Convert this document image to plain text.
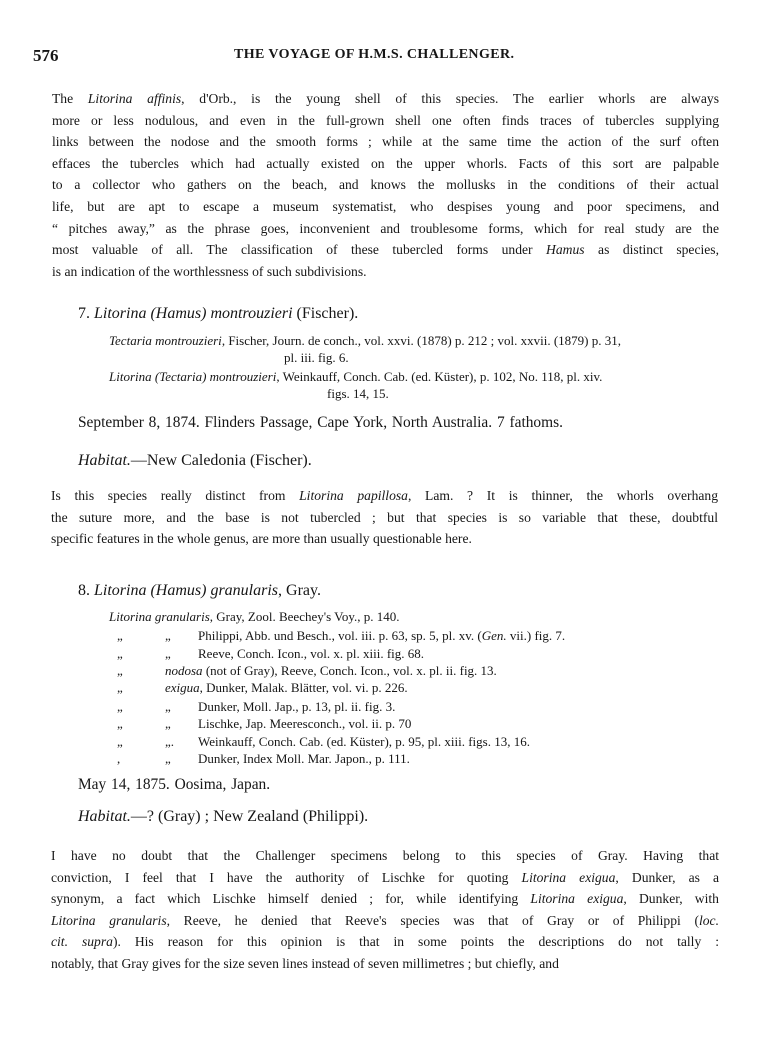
576	THE VOYAGE OF H.M.S. CHALLENGER.
The Litorina affinis, d'Orb., is the young shell of this species. The earlier whorls are always
more or less nodulous, and even in the full-grown shell one often finds traces of tubercles supplying
links between the nodose and the smooth forms ; while at the same time the action of the surf often
effaces the tubercles which had actually existed on the upper whorls. Facts of this sort are palpable
to a collector who gathers on the beach, and knows the mollusks in the conditions of their actual
life, but are apt to escape a museum systematist, who despises young and poor specimens, and
“ pitches away,” as the phrase goes, inconvenient and troublesome forms, which for real study are the
most valuable of all. The classification of these tubercled forms under Hamus as distinct species,
is an indication of the worthlessness of such subdivisions.
7. Litorina (Hamus) montrouzieri (Fischer).
Tectaria montrouzieri, Fischer, Journ. de conch., vol. xxvi. (1878) p. 212 ; vol. xxvii. (1879) p. 31,
pl. iii. fig. 6.
Litorina (Tectaria) montrouzieri, Weinkauff, Conch. Cab. (ed. Küster), p. 102, No. 118, pl. xiv.
figs. 14, 15.
September 8, 1874. Flinders Passage, Cape York, North Australia. 7 fathoms.
Habitat.—New Caledonia (Fischer).
Is this species really distinct from Litorina papillosa, Lam. ? It is thinner, the whorls overhang
the suture more, and the base is not tubercled ; but that species is so variable that these, doubtful
specific features in the whole genus, are more than usually questionable here.
8. Litorina (Hamus) granularis, Gray.
Litorina granularis, Gray, Zool. Beechey's Voy., p. 140.
„	„ Philippi, Abb. und Besch., vol. iii. p. 63, sp. 5, pl. xv. (Gen. vii.) fig. 7.
„	„ Reeve, Conch. Icon., vol. x. pl. xiii. fig. 68.
„	nodosa (not of Gray), Reeve, Conch. Icon., vol. x. pl. ii. fig. 13.
„	exigua, Dunker, Malak. Blätter, vol. vi. p. 226.
„	„ Dunker, Moll. Jap., p. 13, pl. ii. fig. 3.
„	„ Lischke, Jap. Meeresconch., vol. ii. p. 70
„	„. Weinkauff, Conch. Cab. (ed. Küster), p. 95, pl. xiii. figs. 13, 16.
,	„ Dunker, Index Moll. Mar. Japon., p. 111.
May 14, 1875. Oosima, Japan.
Habitat.—? (Gray) ; New Zealand (Philippi).
I have no doubt that the Challenger specimens belong to this species of Gray. Having that
conviction, I feel that I have the authority of Lischke for quoting Litorina exigua, Dunker, as a
synonym, a fact which Lischke himself denied ; for, while identifying Litorina exigua, Dunker, with
Litorina granularis, Reeve, he denied that Reeve's species was that of Gray or of Philippi (loc.
cit. supra). His reason for this opinion is that in some points the descriptions do not tally :
notably, that Gray gives for the size seven lines instead of seven millimetres ; but chiefly, and
